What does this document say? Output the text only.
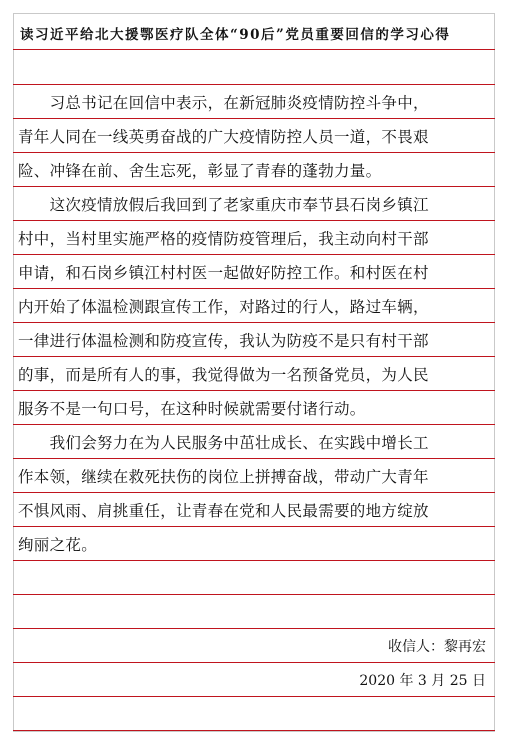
读习近平给北大援鄂医疗队全体“90后”党员重要回信的学习心得
　　习总书记在回信中表示，在新冠肺炎疫情防控斗争中，
青年人同在一线英勇奋战的广大疫情防控人员一道，不畏艰
险、冲锋在前、舍生忘死，彰显了青春的蓬勃力量。
　　这次疫情放假后我回到了老家重庆市奉节县石岗乡镇江
村中，当村里实施严格的疫情防疫管理后，我主动向村干部
申请，和石岗乡镇江村村医一起做好防控工作。和村医在村
内开始了体温检测跟宣传工作，对路过的行人，路过车辆，
一律进行体温检测和防疫宣传，我认为防疫不是只有村干部
的事，而是所有人的事，我觉得做为一名预备党员，为人民
服务不是一句口号，在这种时候就需要付诸行动。
　　我们会努力在为人民服务中茁壮成长、在实践中增长工
作本领，继续在救死扶伤的岗位上拼搏奋战，带动广大青年
不惧风雨、肩挑重任，让青春在党和人民最需要的地方绽放
绚丽之花。
收信人：黎再宏
2020 年 3 月 25 日
